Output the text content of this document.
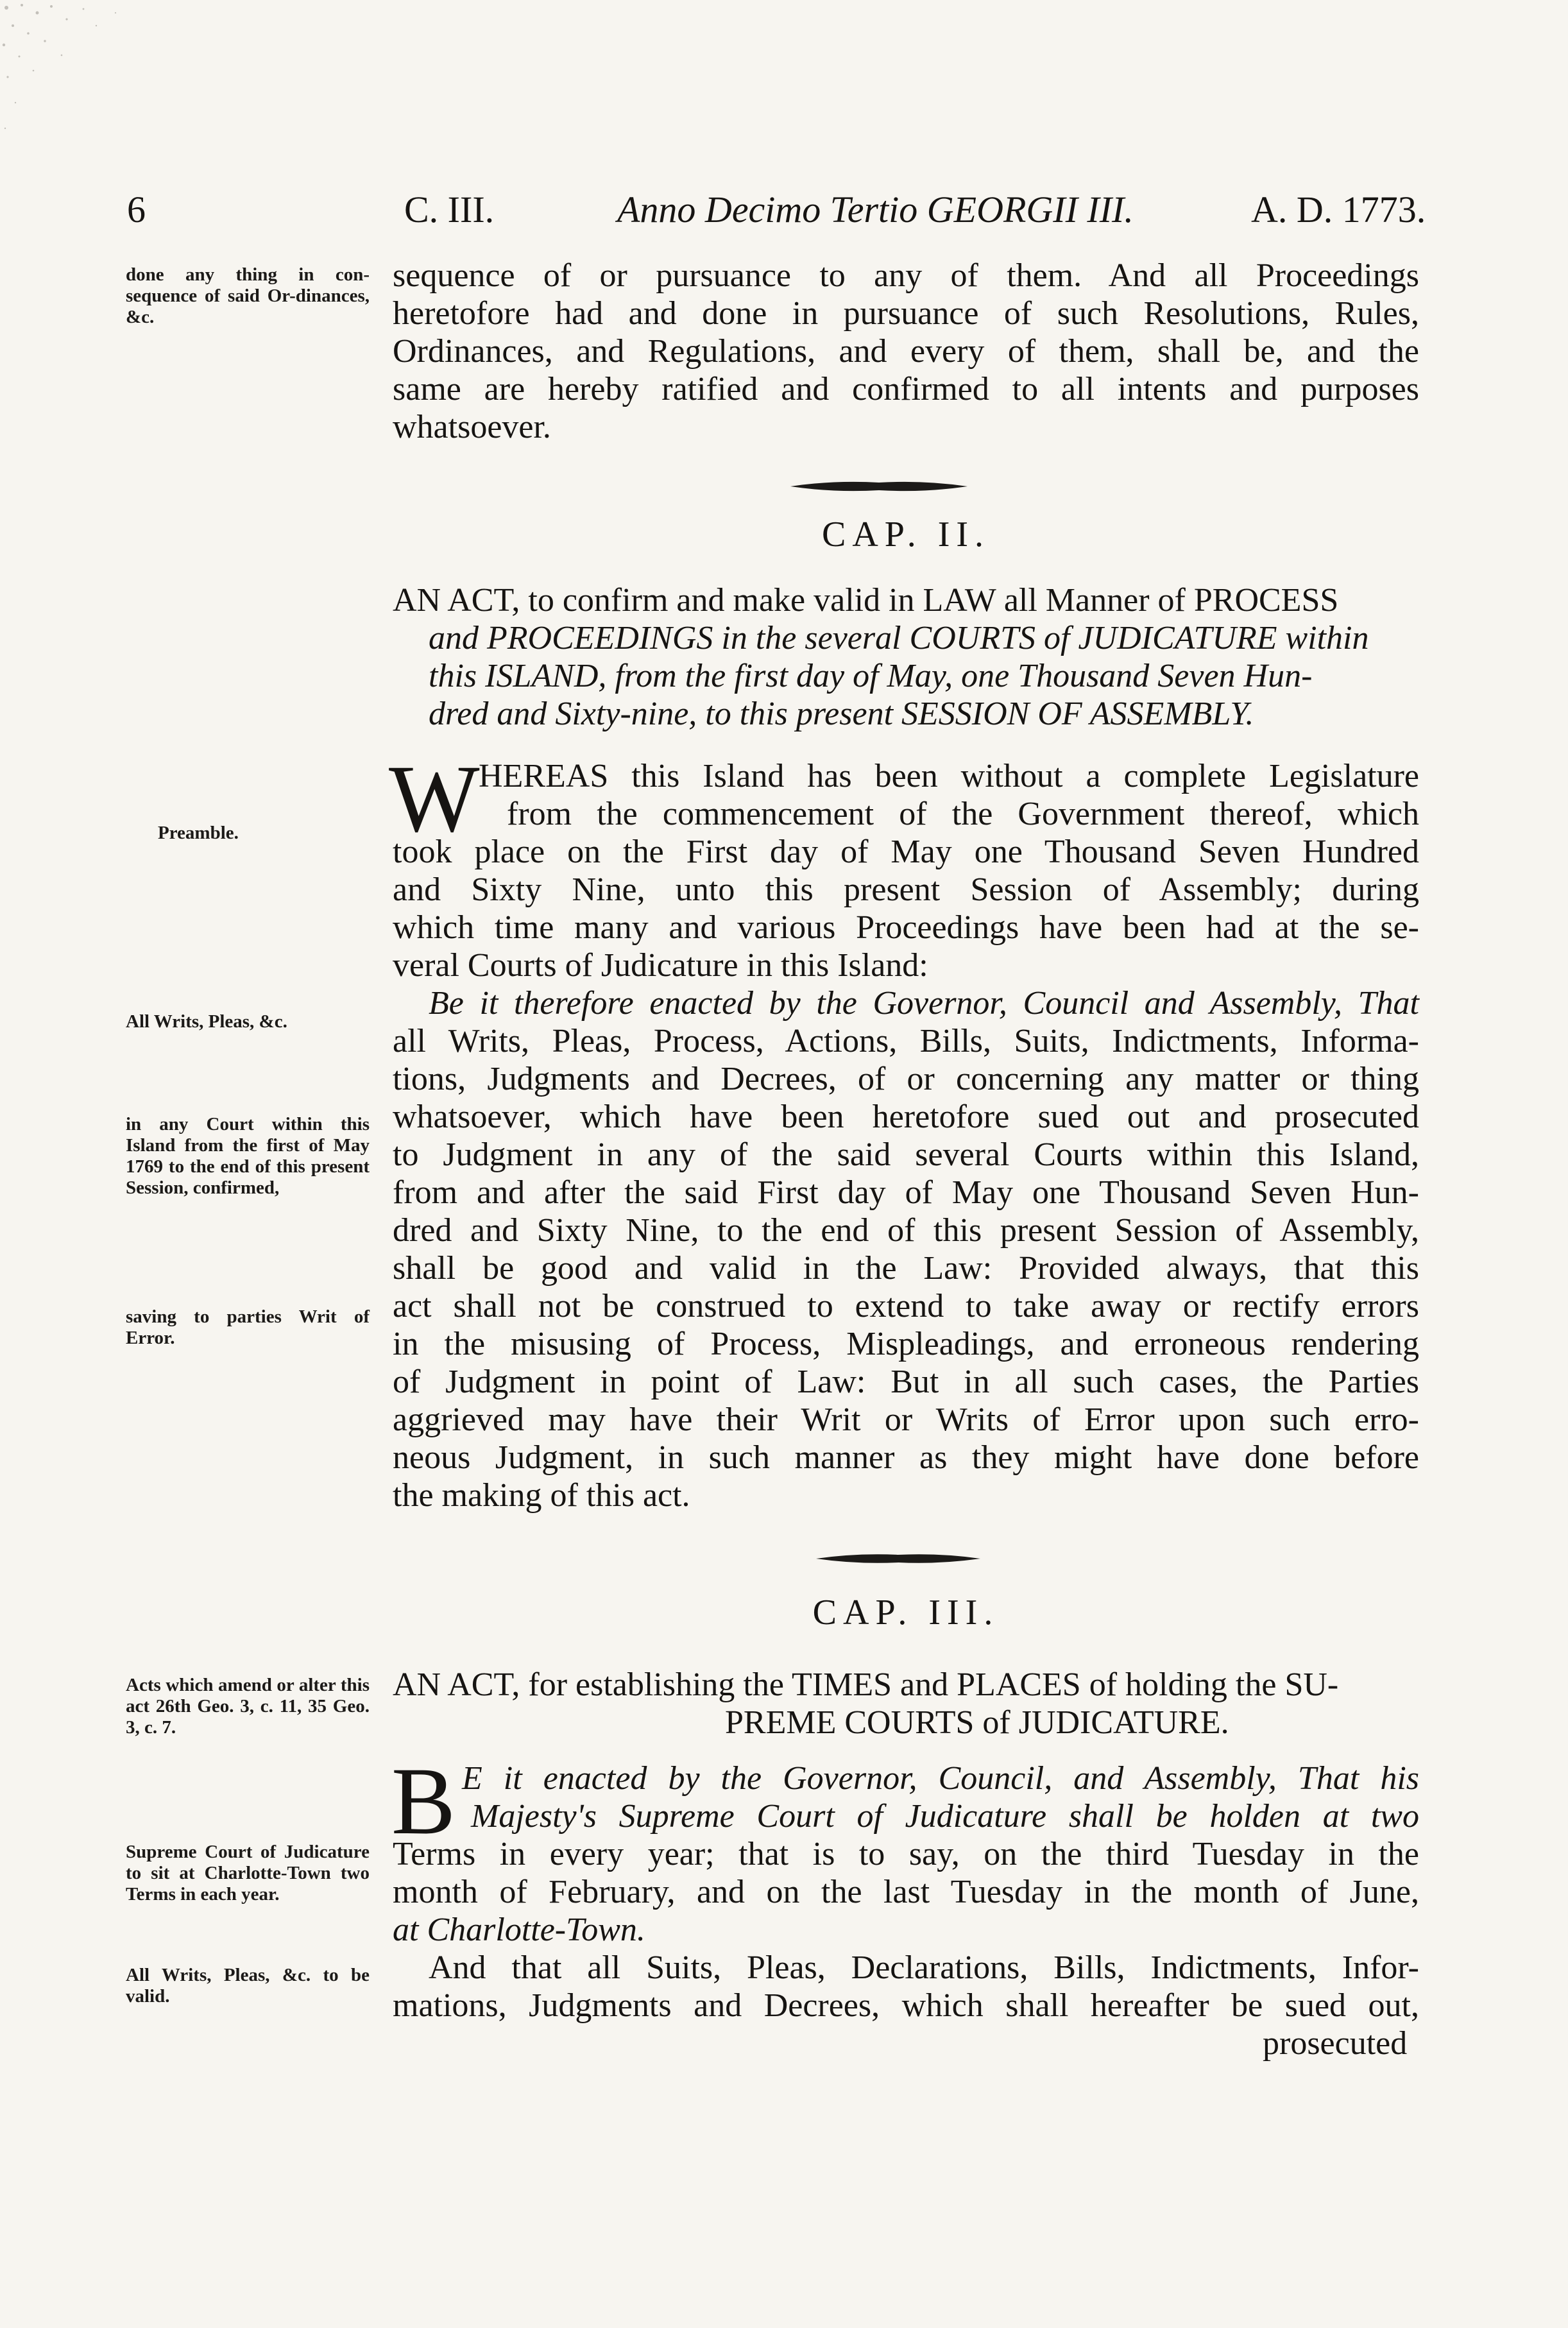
6	C. III.	Anno Decimo Tertio GEORGII III.	A. D. 1773.
done any thing in con-sequence of said Or-dinances, &c.
Preamble.
All Writs, Pleas, &c.
in any Court within this Island from the first of May 1769 to the end of this present Session, confirmed,
saving to parties Writ of Error.
Acts which amend or alter this act 26th Geo. 3, c. 11, 35 Geo. 3, c. 7.
Supreme Court of Judicature to sit at Charlotte-Town two Terms in each year.
All Writs, Pleas, &c. to be valid.
sequence of or pursuance to any of them. And all Proceedings
heretofore had and done in pursuance of such Resolutions, Rules,
Ordinances, and Regulations, and every of them, shall be, and the
same are hereby ratified and confirmed to all intents and purposes
whatsoever.
CAP. II.
AN ACT, to confirm and make valid in LAW all Manner of PROCESS
and PROCEEDINGS in the several COURTS of JUDICATURE within
this ISLAND, from the first day of May, one Thousand Seven Hun-
dred and Sixty-nine, to this present SESSION OF ASSEMBLY.
W
HEREAS this Island has been without a complete Legislature
from the commencement of the Government thereof, which
took place on the First day of May one Thousand Seven Hundred
and Sixty Nine, unto this present Session of Assembly; during
which time many and various Proceedings have been had at the se-
veral Courts of Judicature in this Island:
Be it therefore enacted by the Governor, Council and Assembly, That
all Writs, Pleas, Process, Actions, Bills, Suits, Indictments, Informa-
tions, Judgments and Decrees, of or concerning any matter or thing
whatsoever, which have been heretofore sued out and prosecuted
to Judgment in any of the said several Courts within this Island,
from and after the said First day of May one Thousand Seven Hun-
dred and Sixty Nine, to the end of this present Session of Assembly,
shall be good and valid in the Law: Provided always, that this
act shall not be construed to extend to take away or rectify errors
in the misusing of Process, Mispleadings, and erroneous rendering
of Judgment in point of Law: But in all such cases, the Parties
aggrieved may have their Writ or Writs of Error upon such erro-
neous Judgment, in such manner as they might have done before
the making of this act.
CAP. III.
AN ACT, for establishing the TIMES and PLACES of holding the SU-
PREME COURTS of JUDICATURE.
B E it enacted by the Governor, Council, and Assembly, That his
Majesty's Supreme Court of Judicature shall be holden at two
Terms in every year; that is to say, on the third Tuesday in the
month of February, and on the last Tuesday in the month of June,
at Charlotte-Town.
And that all Suits, Pleas, Declarations, Bills, Indictments, Infor-
mations, Judgments and Decrees, which shall hereafter be sued out,
prosecuted
